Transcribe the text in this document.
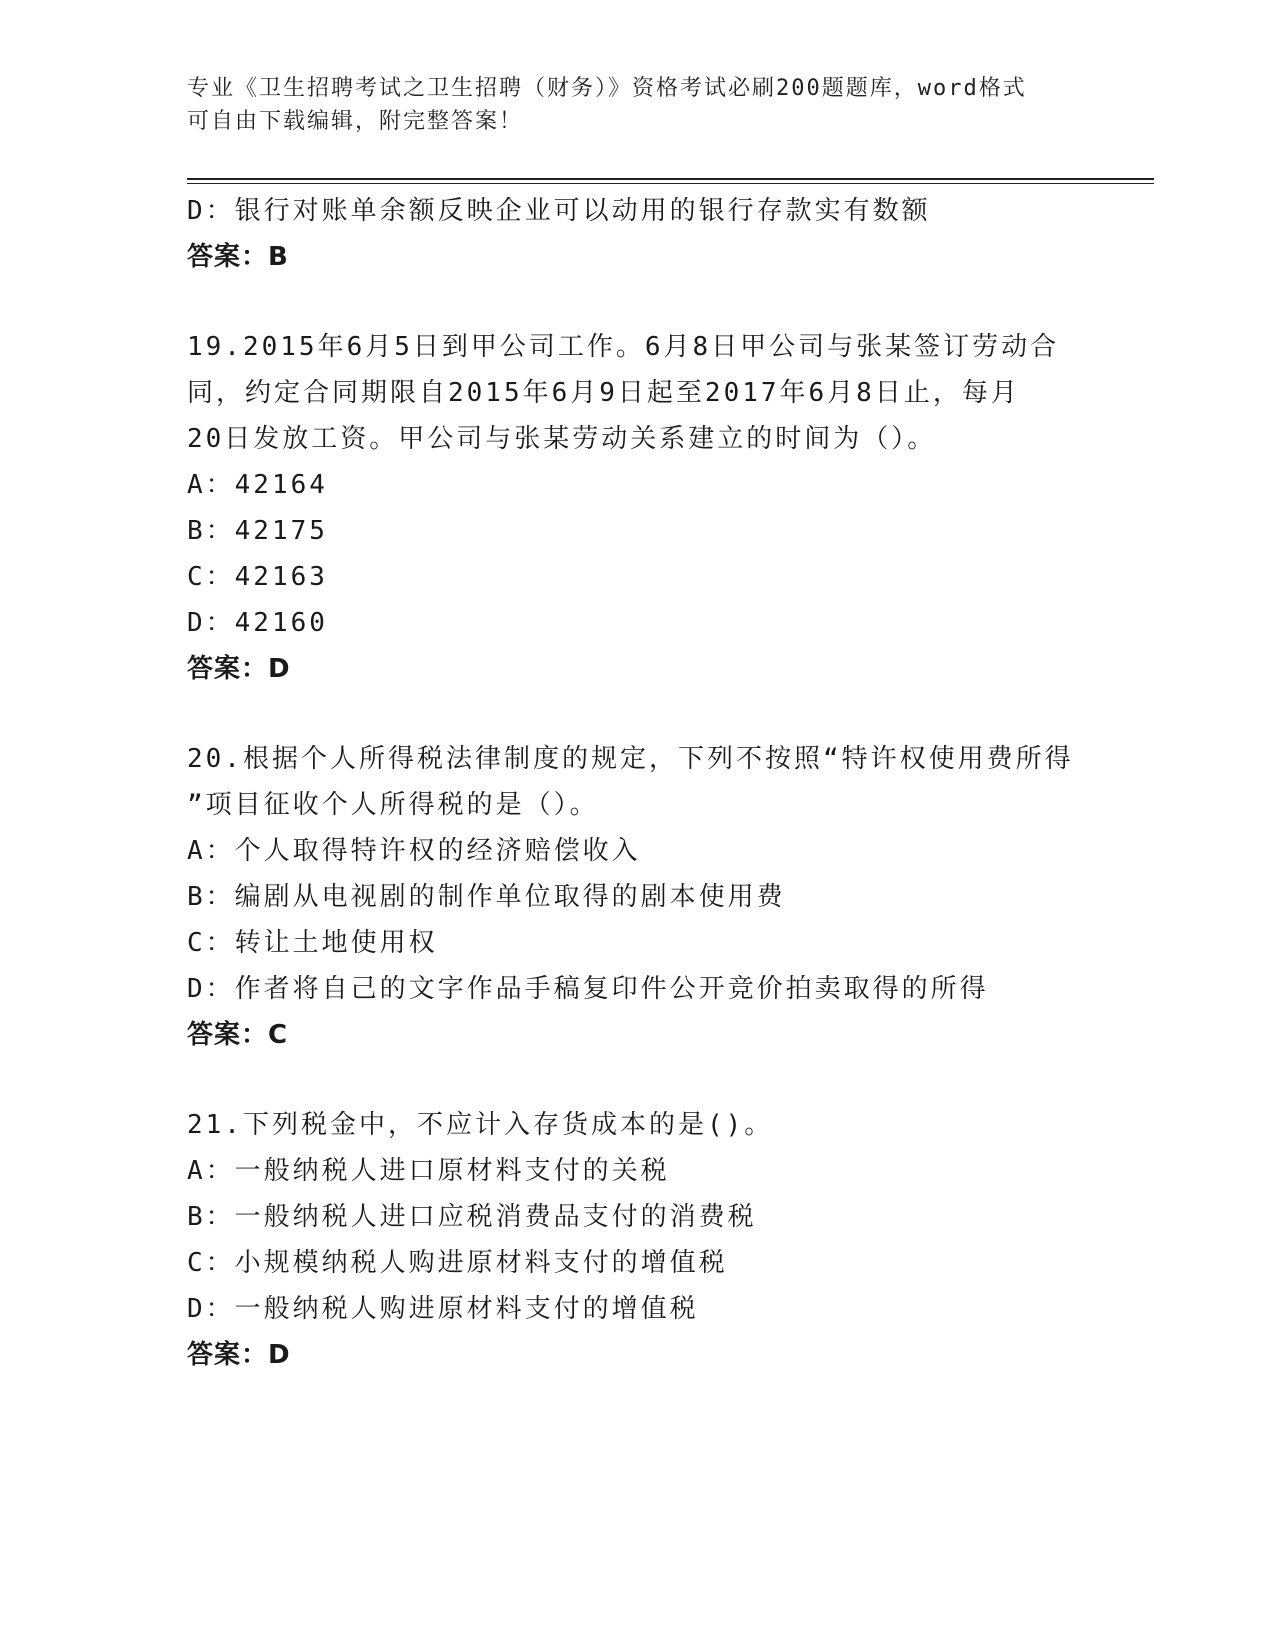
专业《卫生招聘考试之卫生招聘（财务）》资格考试必刷200题题库，word格式
可自由下载编辑，附完整答案！
D：银行对账单余额反映企业可以动用的银行存款实有数额
答案：B
19.2015年6月5日到甲公司工作。6月8日甲公司与张某签订劳动合
同，约定合同期限自2015年6月9日起至2017年6月8日止，每月
20日发放工资。甲公司与张某劳动关系建立的时间为（）。
A：42164
B：42175
C：42163
D：42160
答案：D
20.根据个人所得税法律制度的规定，下列不按照“特许权使用费所得
”项目征收个人所得税的是（）。
A：个人取得特许权的经济赔偿收入
B：编剧从电视剧的制作单位取得的剧本使用费
C：转让土地使用权
D：作者将自己的文字作品手稿复印件公开竞价拍卖取得的所得
答案：C
21.下列税金中，不应计入存货成本的是()。
A：一般纳税人进口原材料支付的关税
B：一般纳税人进口应税消费品支付的消费税
C：小规模纳税人购进原材料支付的增值税
D：一般纳税人购进原材料支付的增值税
答案：D
